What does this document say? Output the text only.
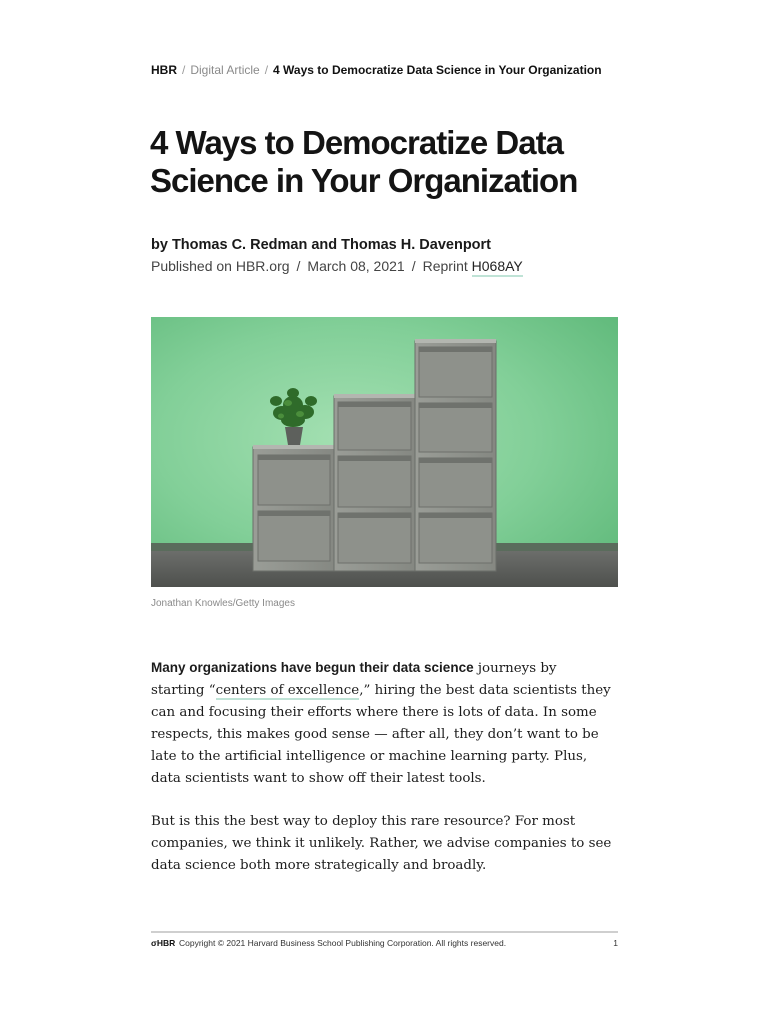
HBR / Digital Article / 4 Ways to Democratize Data Science in Your Organization
4 Ways to Democratize Data Science in Your Organization
by Thomas C. Redman and Thomas H. Davenport
Published on HBR.org / March 08, 2021 / Reprint H068AY
Jonathan Knowles/Getty Images

Many organizations have begun their data science journeys by starting “centers of excellence,” hiring the best data scientists they can and focusing their efforts where there is lots of data. In some respects, this makes good sense — after all, they don’t want to be late to the artificial intelligence or machine learning party. Plus, data scientists want to show off their latest tools.

But is this the best way to deploy this rare resource? For most companies, we think it unlikely. Rather, we advise companies to see data science both more strategically and broadly.

σHBR Copyright © 2021 Harvard Business School Publishing Corporation. All rights reserved.	1
